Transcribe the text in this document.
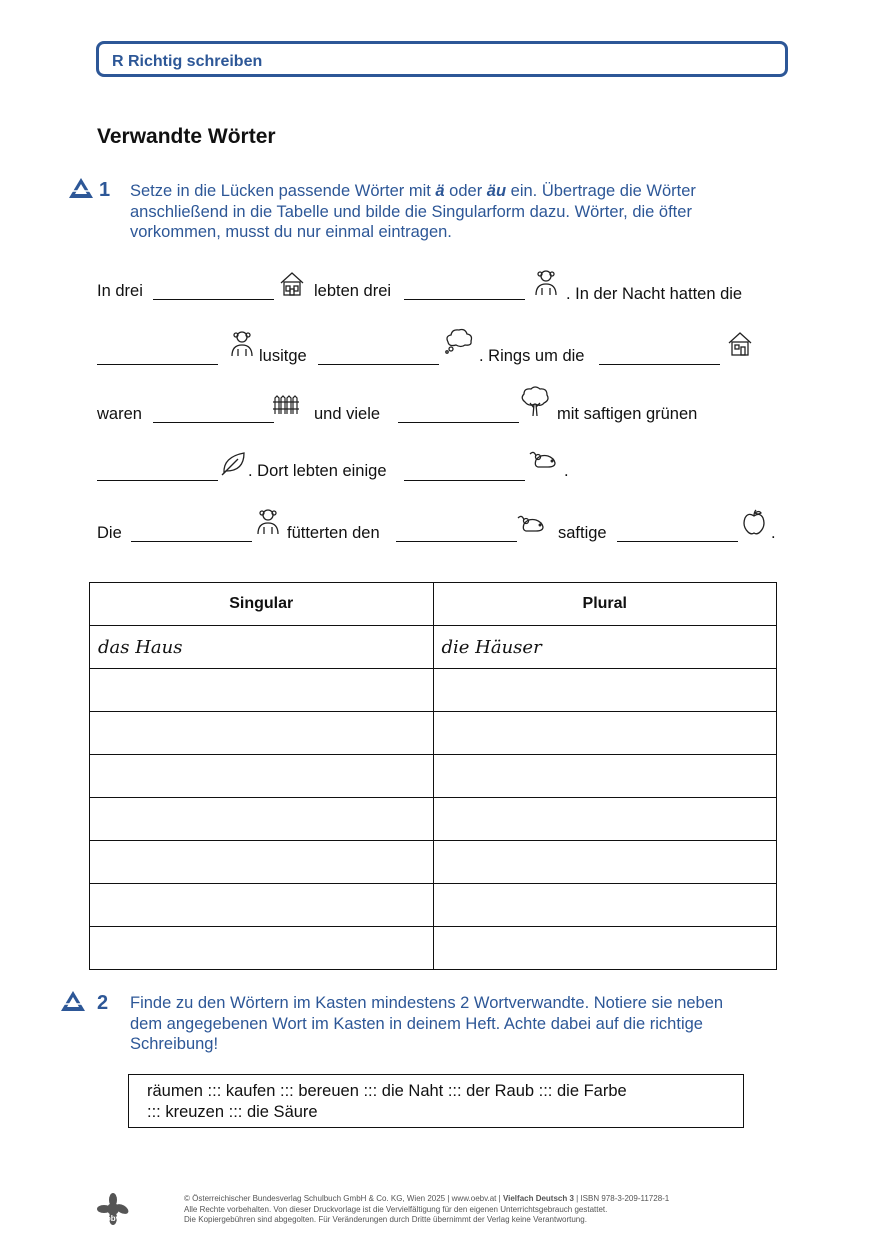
R Richtig schreiben
Verwandte Wörter
1 Setze in die Lücken passende Wörter mit ä oder äu ein. Übertrage die Wörter
anschließend in die Tabelle und bilde die Singularform dazu. Wörter, die öfter
vorkommen, musst du nur einmal eintragen.
In drei	lebten drei	. In der Nacht hatten die
lusitge	. Rings um die
waren	und viele	mit saftigen grünen
. Dort lebten einige	.
Die	fütterten den	saftige	.
Singular	Plural
das Haus	die Häuser

2 Finde zu den Wörtern im Kasten mindestens 2 Wortverwandte. Notiere sie neben
dem angegebenen Wort im Kasten in deinem Heft. Achte dabei auf die richtige
Schreibung!
räumen ::: kaufen ::: bereuen ::: die Naht ::: der Raub ::: die Farbe
::: kreuzen ::: die Säure
öbv
© Österreichischer Bundesverlag Schulbuch GmbH & Co. KG, Wien 2025 | www.oebv.at | Vielfach Deutsch 3 | ISBN 978-3-209-11728-1
Alle Rechte vorbehalten. Von dieser Druckvorlage ist die Vervielfältigung für den eigenen Unterrichtsgebrauch gestattet.
Die Kopiergebühren sind abgegolten. Für Veränderungen durch Dritte übernimmt der Verlag keine Verantwortung.
